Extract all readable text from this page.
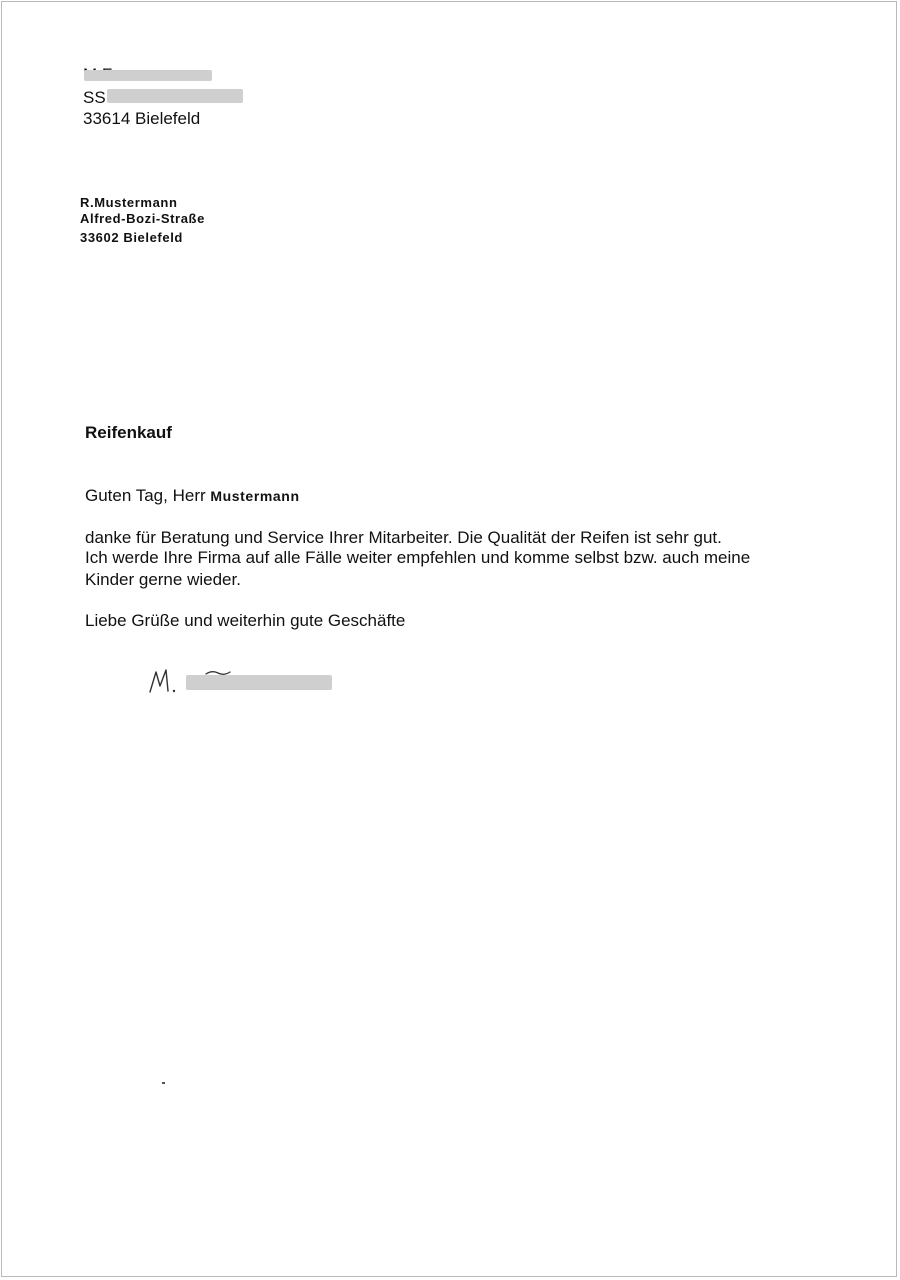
SS
33614 Bielefeld
R.Mustermann
Alfred-Bozi-Straße
33602 Bielefeld
Reifenkauf
Guten Tag, Herr Mustermann
danke für Beratung und Service Ihrer Mitarbeiter. Die Qualität der Reifen ist sehr gut.
Ich werde Ihre Firma auf alle Fälle weiter empfehlen und komme selbst bzw. auch meine
Kinder gerne wieder.
Liebe Grüße und weiterhin gute Geschäfte
